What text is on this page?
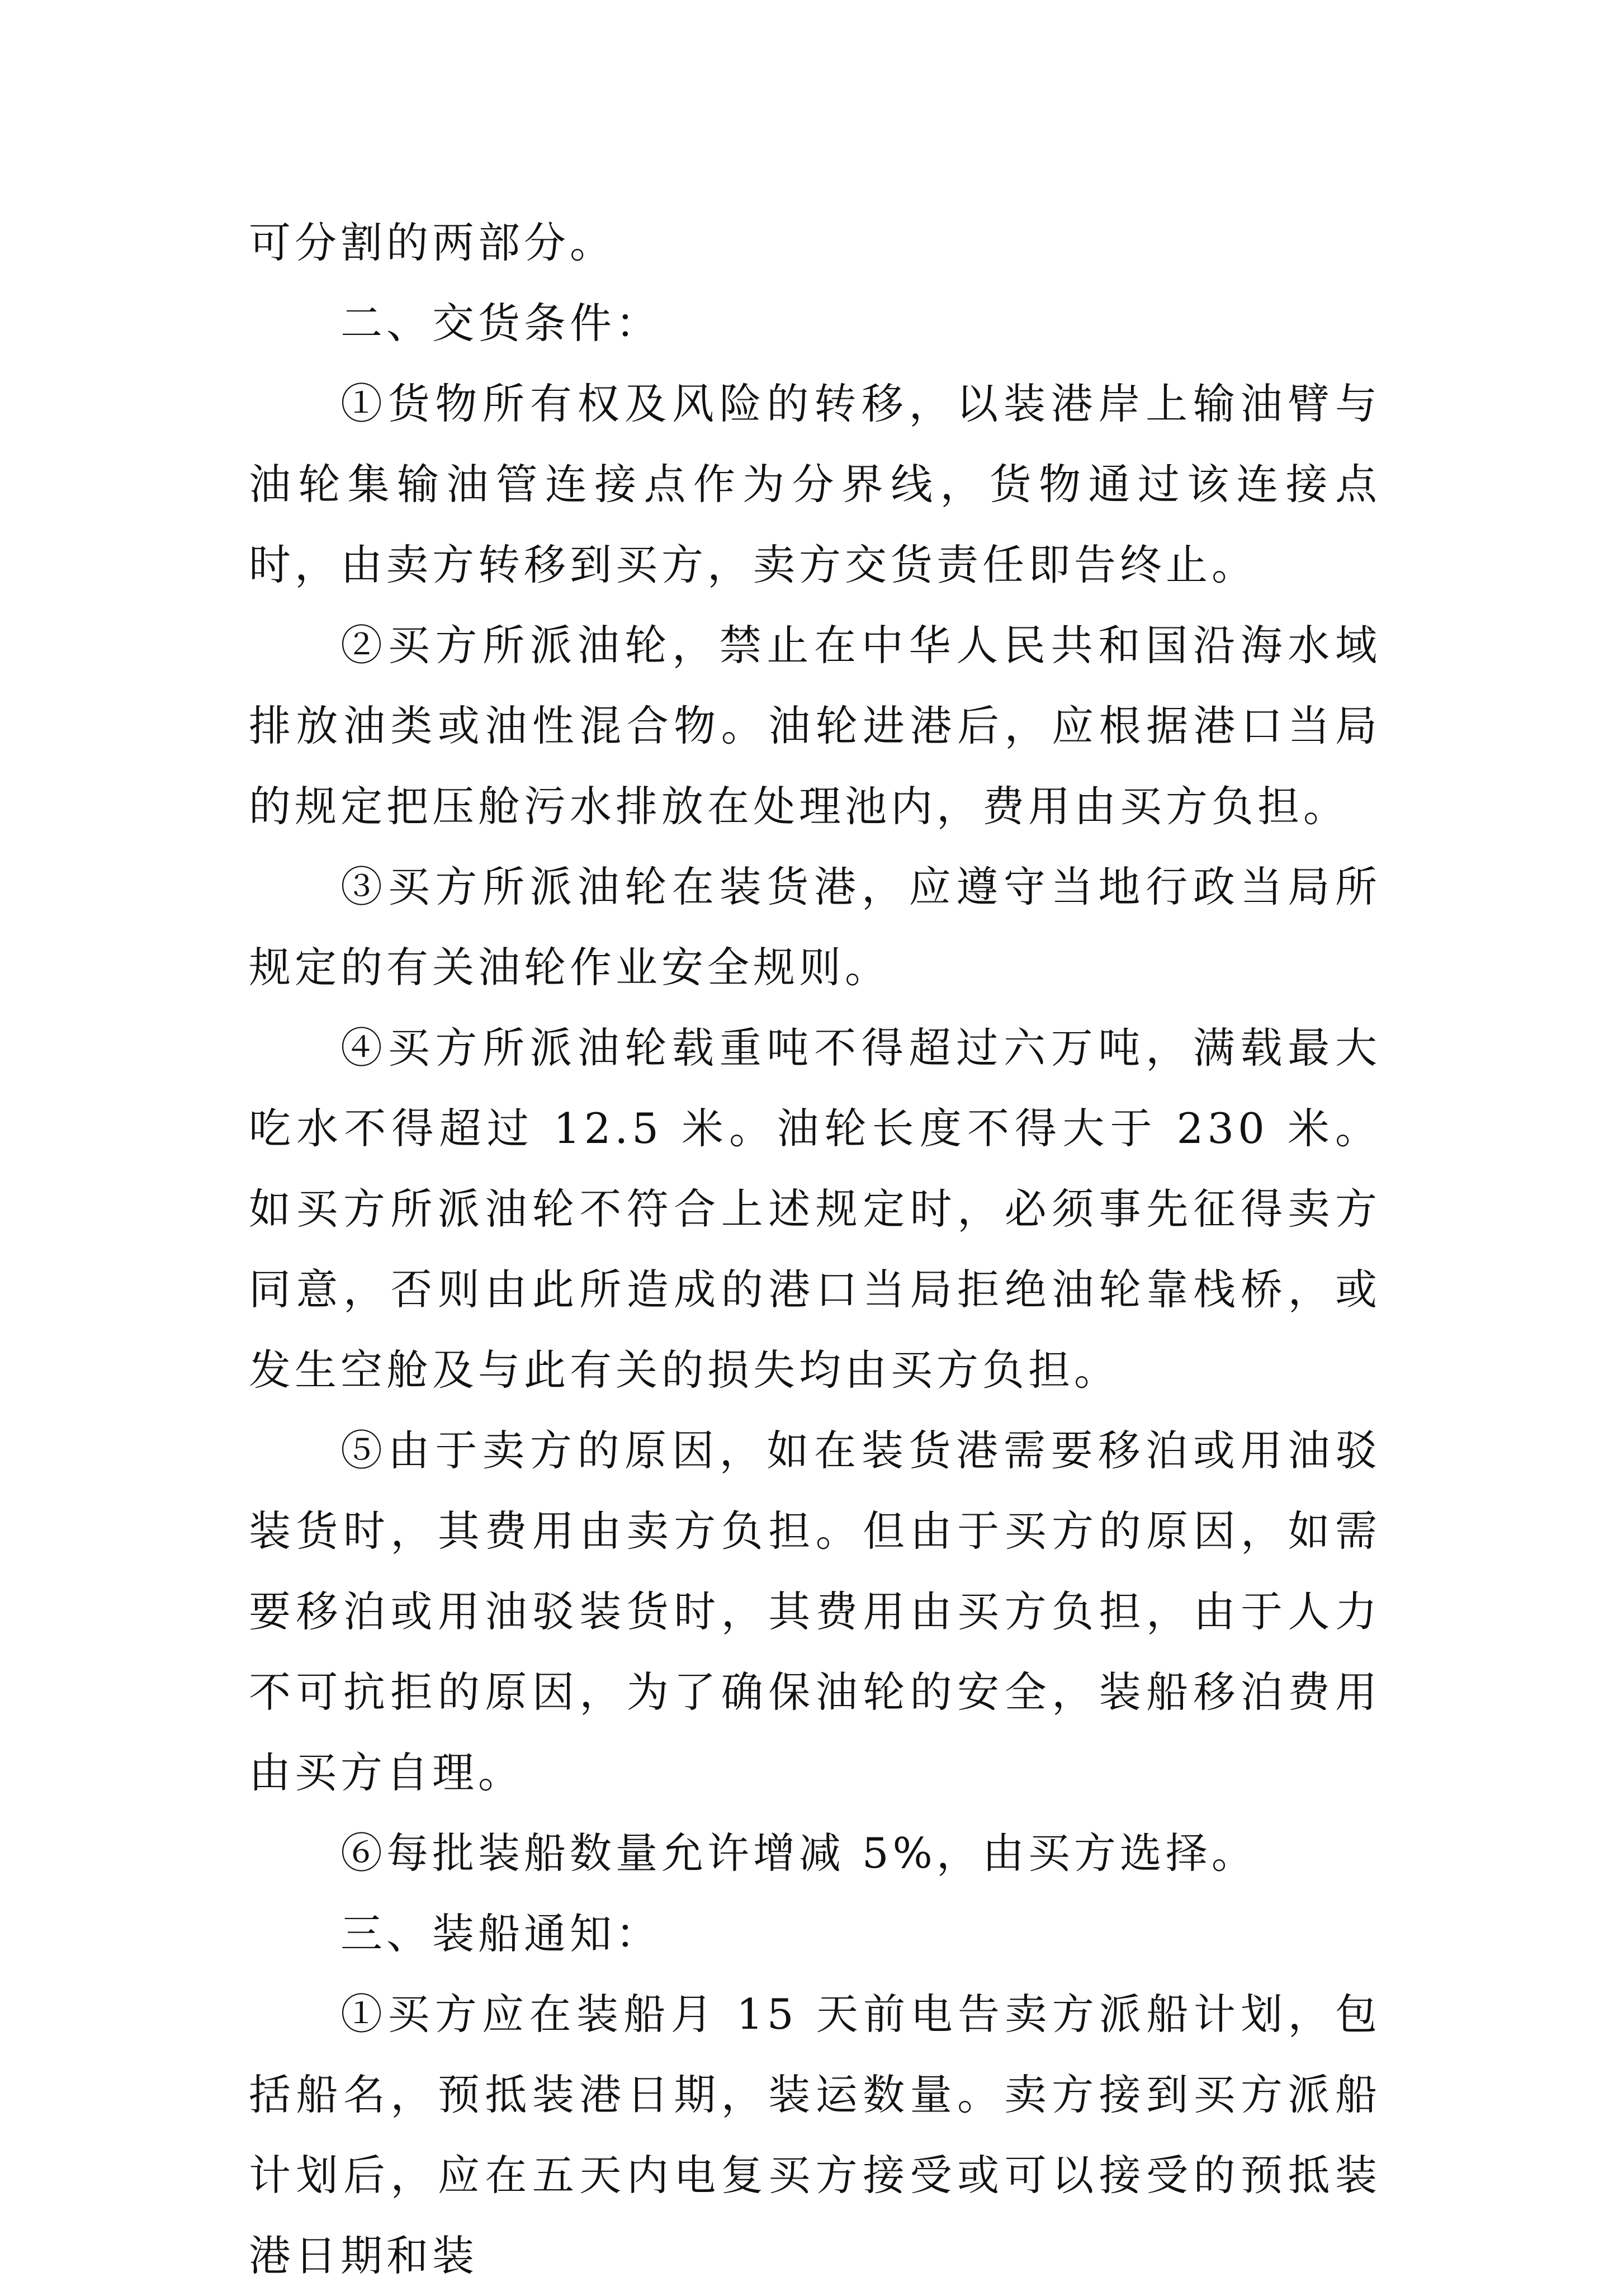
可分割的两部分。

二、交货条件：

①货物所有权及风险的转移，以装港岸上输油臂与油轮集输油管连接点作为分界线，货物通过该连接点时，由卖方转移到买方，卖方交货责任即告终止。

②买方所派油轮，禁止在中华人民共和国沿海水域排放油类或油性混合物。油轮进港后，应根据港口当局的规定把压舱污水排放在处理池内，费用由买方负担。

③买方所派油轮在装货港，应遵守当地行政当局所规定的有关油轮作业安全规则。

④买方所派油轮载重吨不得超过六万吨，满载最大吃水不得超过 12.5 米。油轮长度不得大于 230 米。如买方所派油轮不符合上述规定时，必须事先征得卖方同意，否则由此所造成的港口当局拒绝油轮靠栈桥，或发生空舱及与此有关的损失均由买方负担。

⑤由于卖方的原因，如在装货港需要移泊或用油驳装货时，其费用由卖方负担。但由于买方的原因，如需要移泊或用油驳装货时，其费用由买方负担，由于人力不可抗拒的原因，为了确保油轮的安全，装船移泊费用由买方自理。

⑥每批装船数量允许增减 5%，由买方选择。

三、装船通知：

①买方应在装船月 15 天前电告卖方派船计划，包括船名，预抵装港日期，装运数量。卖方接到买方派船计划后，应在五天内电复买方接受或可以接受的预抵装港日期和装
